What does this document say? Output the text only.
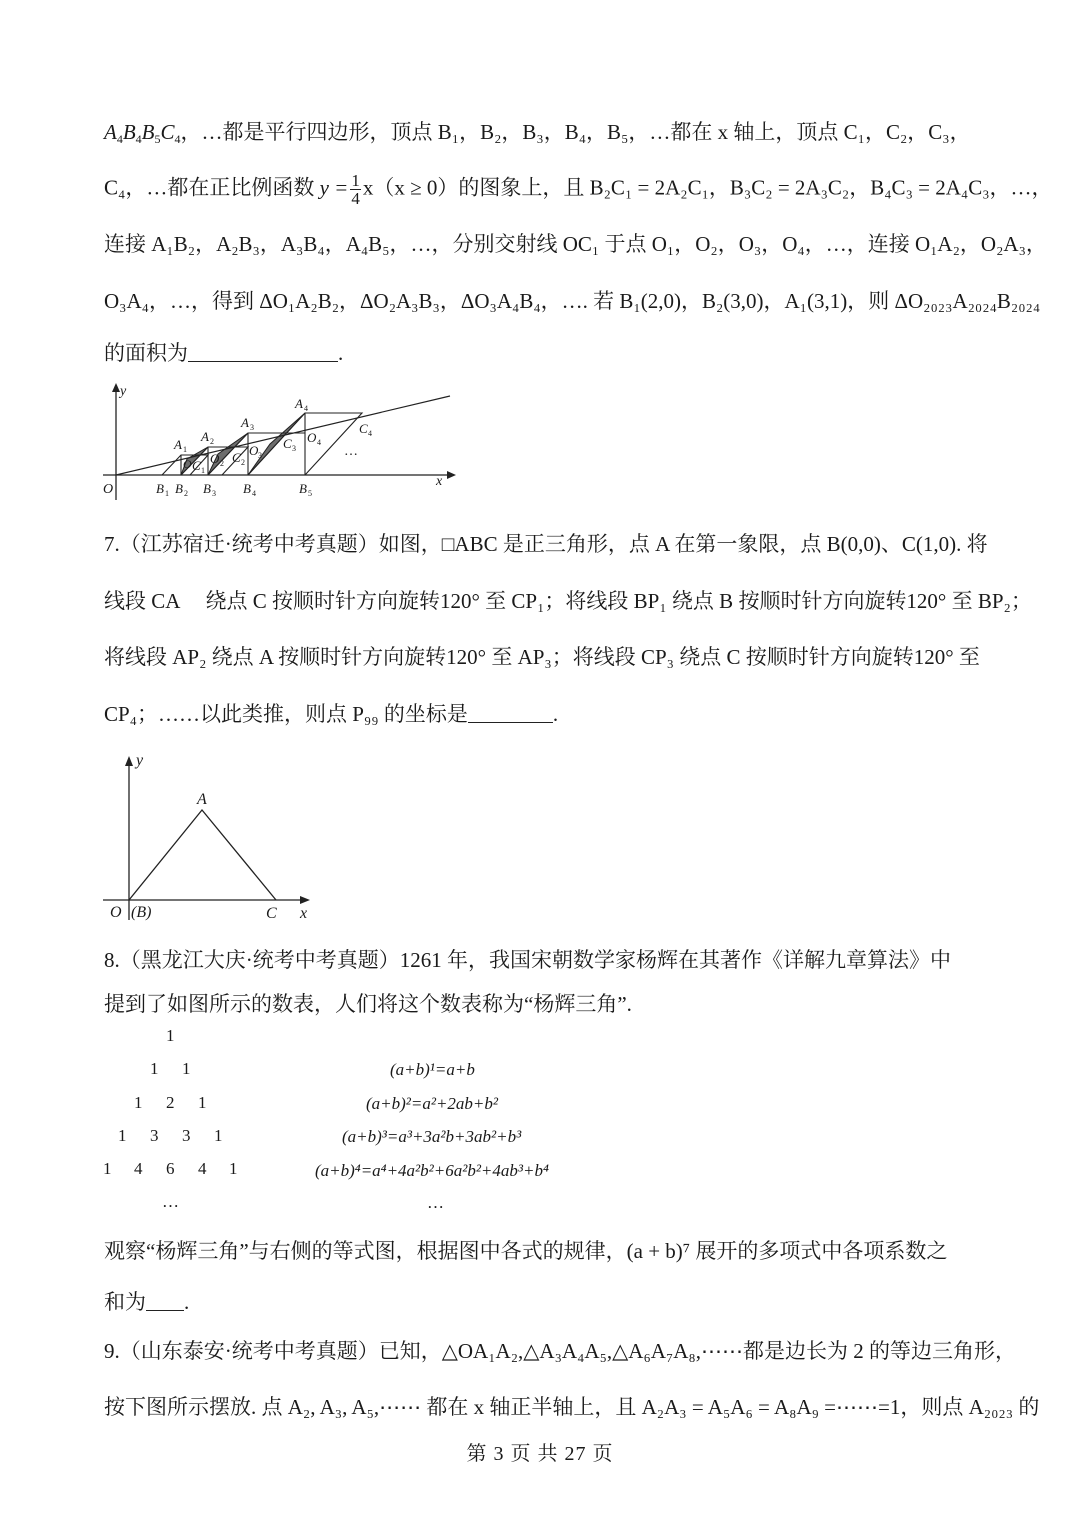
$A_4B_4B_5C_4$，…都是平行四边形，顶点 B₁，B₂，B₃，B₄，B₅，…都在 x 轴上，顶点 C₁，C₂，C₃，
C₄，…都在正比例函数 $y = \frac{1}{4} x(x \ge 0)$的图象上，且 B₂C₁ = 2A₂C₁，B₃C₂ = 2A₃C₂，B₄C₃ = 2A₄C₃，…，
连接 A₁B₂，A₂B₃，A₃B₄，A₄B₅，…，分别交射线 OC₁ 于点 O₁，O₂，O₃，O₄，…，连接 O₁A₂，O₂A₃，
O₃A₄，…，得到 ΔO₁A₂B₂，ΔO₂A₃B₃，ΔO₃A₄B₄，…. 若 B₁(2,0)，B₂(3,0)，A₁(3,1)，则 ΔO₂₀₂₃A₂₀₂₄B₂₀₂₄
的面积为	.
y
x
O	B 1 B 2 B 3 B 4	B 5
A 1
A 2
A 3
A 4
C 1
C 2
C 3
C 4
O O 2
O 3
O 4
…
7.（江苏宿迁·统考中考真题）如图，□ABC 是正三角形，点 A 在第一象限，点 B(0,0)、C(1,0). 将
线段 CA　 绕点 C 按顺时针方向旋转120° 至 CP₁；将线段 BP₁ 绕点 B 按顺时针方向旋转120° 至 BP₂；
将线段 AP₂ 绕点 A 按顺时针方向旋转120° 至 AP₃；将线段 CP₃ 绕点 C 按顺时针方向旋转120° 至
CP₄；……以此类推，则点 P₉₉ 的坐标是	.
y
x
A
O (B)	C
8.（黑龙江大庆·统考中考真题）1261 年，我国宋朝数学家杨辉在其著作《详解九章算法》中
提到了如图所示的数表，人们将这个数表称为“杨辉三角”.
1
1 1
1 2 1
1 3 3 1
1 4 6 4 1
…
(a+b)¹=a+b
(a+b)²=a²+2ab+b²
(a+b)³=a³+3a²b+3ab²+b³
(a+b)⁴=a⁴+4a²b²+6a²b²+4ab³+b⁴
…
观察“杨辉三角”与右侧的等式图，根据图中各式的规律，(a + b)⁷ 展开的多项式中各项系数之
和为 .
9.（山东泰安·统考中考真题）已知，△OA₁A₂,△A₃A₄A₅,△A₆A₇A₈,⋯⋯都是边长为 2 的等边三角形，
按下图所示摆放. 点 A₂, A₃, A₅,⋯⋯ 都在 x 轴正半轴上，且 A₂A₃ = A₅A₆ = A₈A₉ =⋯⋯=1，则点 A₂₀₂₃ 的
第 3 页 共 27 页
